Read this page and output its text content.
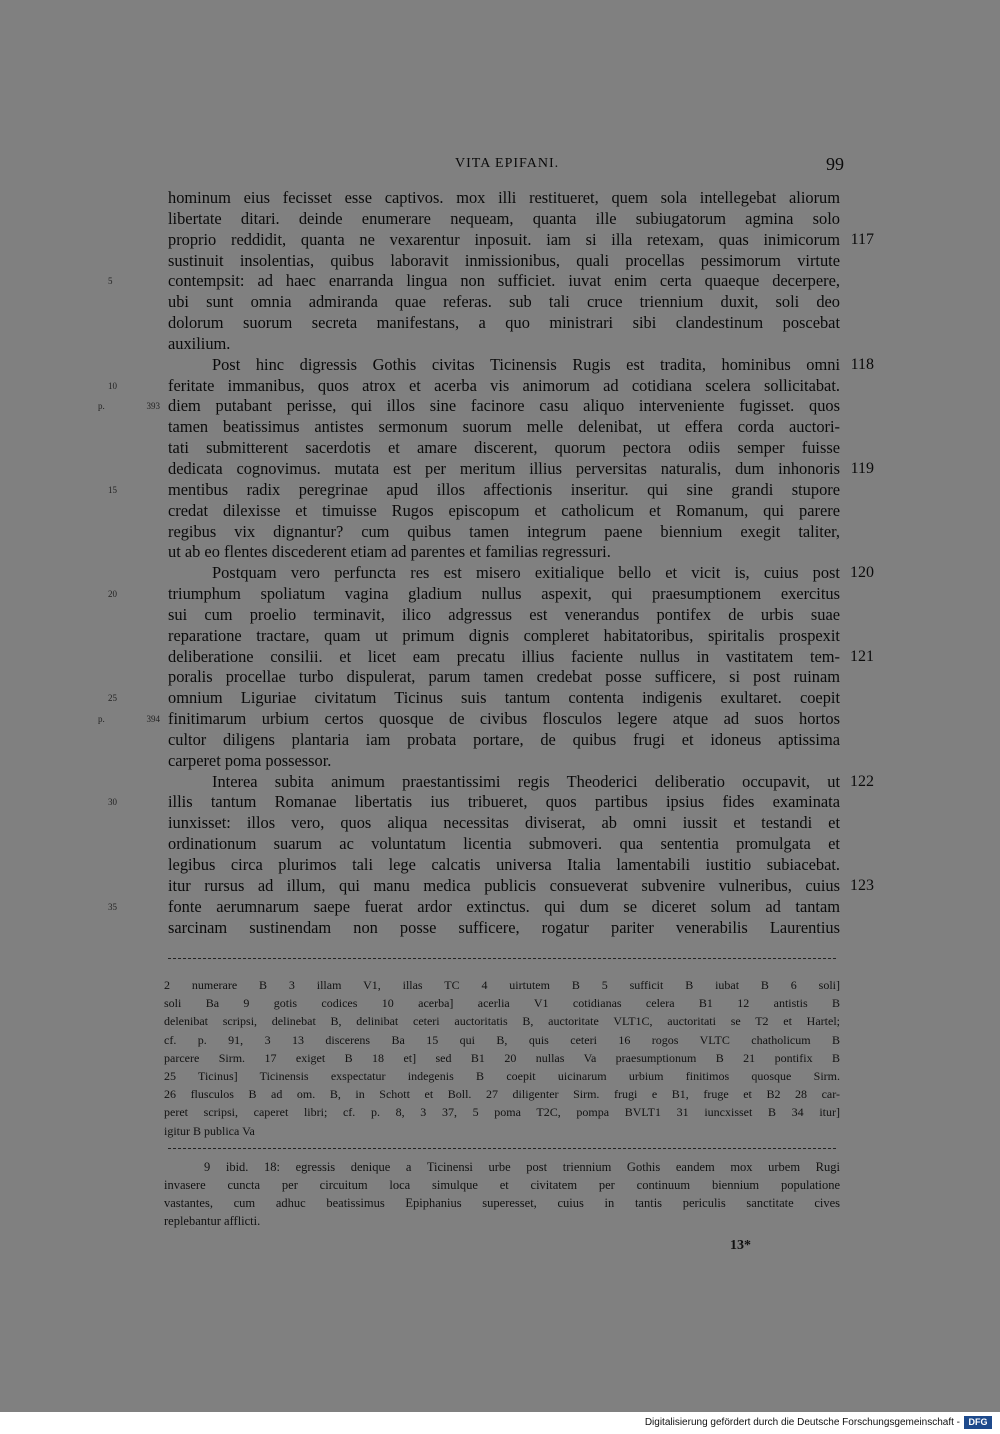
VITA EPIFANI.	99
hominum eius fecisset esse captivos. mox illi restitueret, quem sola intellegebat aliorum
libertate ditari. deinde enumerare nequeam, quanta ille subiugatorum agmina solo
proprio reddidit, quanta ne vexarentur inposuit. iam si illa retexam, quas inimicorum 117
sustinuit insolentias, quibus laboravit inmissionibus, quali procellas pessimorum virtute
contempsit: ad haec enarranda lingua non sufficiet. iuvat enim certa quaeque decerpere,
5
ubi sunt omnia admiranda quae referas. sub tali cruce triennium duxit, soli deo
dolorum suorum secreta manifestans, a quo ministrari sibi clandestinum poscebat
auxilium.
Post hinc digressis Gothis civitas Ticinensis Rugis est tradita, hominibus omni 118
feritate immanibus, quos atrox et acerba vis animorum ad cotidiana scelera sollicitabat.
10
diem putabant perisse, qui illos sine facinore casu aliquo interveniente fugisset. quos
p. 393
tamen beatissimus antistes sermonum suorum melle delenibat, ut effera corda auctori-
tati submitterent sacerdotis et amare discerent, quorum pectora odiis semper fuisse
dedicata cognovimus. mutata est per meritum illius perversitas naturalis, dum inhonoris 119
mentibus radix peregrinae apud illos affectionis inseritur. qui sine grandi stupore
15
credat dilexisse et timuisse Rugos episcopum et catholicum et Romanum, qui parere
regibus vix dignantur? cum quibus tamen integrum paene biennium exegit taliter,
ut ab eo flentes discederent etiam ad parentes et familias regressuri.
Postquam vero perfuncta res est misero exitialique bello et vicit is, cuius post 120
triumphum spoliatum vagina gladium nullus aspexit, qui praesumptionem exercitus
20
sui cum proelio terminavit, ilico adgressus est venerandus pontifex de urbis suae
reparatione tractare, quam ut primum dignis compleret habitatoribus, spiritalis prospexit
deliberatione consilii. et licet eam precatu illius faciente nullus in vastitatem tem- 121
poralis procellae turbo dispulerat, parum tamen credebat posse sufficere, si post ruinam
omnium Liguriae civitatum Ticinus suis tantum contenta indigenis exultaret. coepit
25
finitimarum urbium certos quosque de civibus flosculos legere atque ad suos hortos
p. 394
cultor diligens plantaria iam probata portare, de quibus frugi et idoneus aptissima
carperet poma possessor.
Interea subita animum praestantissimi regis Theoderici deliberatio occupavit, ut 122
illis tantum Romanae libertatis ius tribueret, quos partibus ipsius fides examinata
30
iunxisset: illos vero, quos aliqua necessitas diviserat, ab omni iussit et testandi et
ordinationum suarum ac voluntatum licentia submoveri. qua sententia promulgata et
legibus circa plurimos tali lege calcatis universa Italia lamentabili iustitio subiacebat.
itur rursus ad illum, qui manu medica publicis consueverat subvenire vulneribus, cuius 123
fonte aerumnarum saepe fuerat ardor extinctus. qui dum se diceret solum ad tantam
35
sarcinam sustinendam non posse sufficere, rogatur pariter venerabilis Laurentius
2 numerare B 3 illam V1, illas TC 4 uirtutem B 5 sufficit B iubat B 6 soli]
soli Ba 9 gotis codices 10 acerba] acerlia V1 cotidianas celera B1 12 antistis B
delenibat scripsi, delinebat B, delinibat ceteri auctoritatis B, auctoritate VLT1C, auctoritati se T2 et Hartel;
cf. p. 91, 3 13 discerens Ba 15 qui B, quis ceteri 16 rogos VLTC chatholicum B
parcere Sirm. 17 exiget B 18 et] sed B1 20 nullas Va praesumptionum B 21 pontifix B
25 Ticinus] Ticinensis exspectatur indegenis B coepit uicinarum urbium finitimos quosque Sirm.
26 flusculos B ad om. B, in Schott et Boll. 27 diligenter Sirm. frugi e B1, fruge et B2 28 car-
peret scripsi, caperet libri; cf. p. 8, 3 37, 5 poma T2C, pompa BVLT1 31 iuncxisset B 34 itur]
igitur B publica Va
9 ibid. 18: egressis denique a Ticinensi urbe post triennium Gothis eandem mox urbem Rugi
invasere cuncta per circuitum loca simulque et civitatem per continuum biennium populatione
vastantes, cum adhuc beatissimus Epiphanius superesset, cuius in tantis periculis sanctitate cives
replebantur afflicti.
13*
Digitalisierung gefördert durch die Deutsche Forschungsgemeinschaft - DFG
